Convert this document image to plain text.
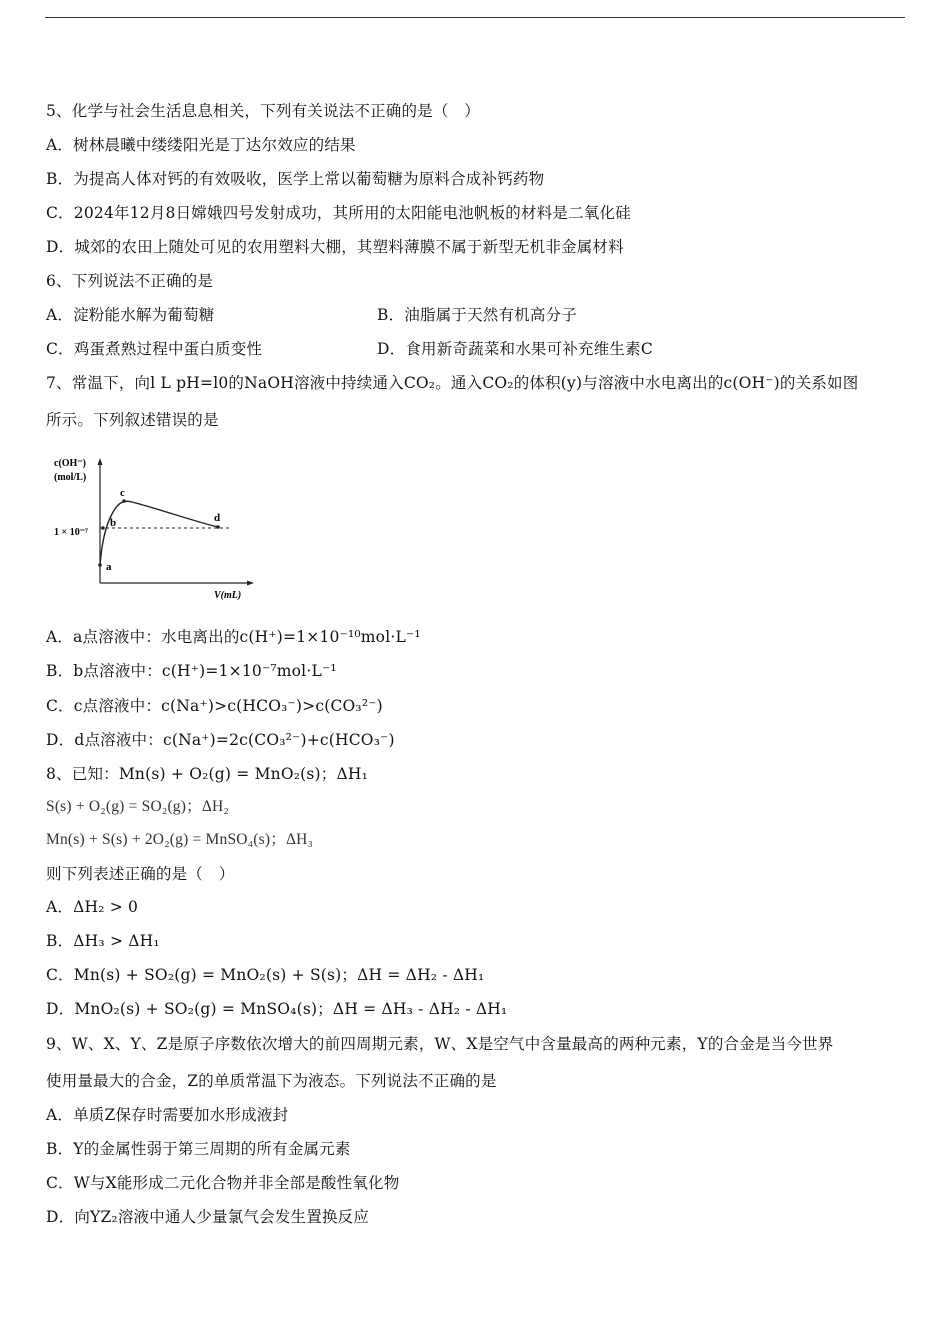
5、化学与社会生活息息相关，下列有关说法不正确的是（　）
A．树林晨曦中缕缕阳光是丁达尔效应的结果
B．为提高人体对钙的有效吸收，医学上常以葡萄糖为原料合成补钙药物
C．2024年12月8日嫦娥四号发射成功，其所用的太阳能电池帆板的材料是二氧化硅
D．城郊的农田上随处可见的农用塑料大棚，其塑料薄膜不属于新型无机非金属材料
6、下列说法不正确的是
A．淀粉能水解为葡萄糖	B．油脂属于天然有机高分子
C．鸡蛋煮熟过程中蛋白质变性	D．食用新奇蔬菜和水果可补充维生素C
7、常温下，向l L pH=l0的NaOH溶液中持续通入CO₂。通入CO₂的体积(y)与溶液中水电离出的c(OH⁻)的关系如图
所示。下列叙述错误的是
c(OH⁻)
(mol/L)
1 × 10⁻⁷
V(mL)
a
b
c
d
A．a点溶液中：水电离出的c(H⁺)=1×10⁻¹⁰mol·L⁻¹
B．b点溶液中：c(H⁺)=1×10⁻⁷mol·L⁻¹
C．c点溶液中：c(Na⁺)>c(HCO₃⁻)>c(CO₃²⁻)
D．d点溶液中：c(Na⁺)=2c(CO₃²⁻)+c(HCO₃⁻)
8、已知：Mn(s) + O₂(g) = MnO₂(s)；ΔH₁
S(s) + O₂(g) = SO₂(g)；ΔH₂
Mn(s) + S(s) + 2O₂(g) = MnSO₄(s)；ΔH₃
则下列表述正确的是（　）
A．ΔH₂ > 0
B．ΔH₃ > ΔH₁
C．Mn(s) + SO₂(g) = MnO₂(s) + S(s)；ΔH = ΔH₂ - ΔH₁
D．MnO₂(s) + SO₂(g) = MnSO₄(s)；ΔH = ΔH₃ - ΔH₂ - ΔH₁
9、W、X、Y、Z是原子序数依次增大的前四周期元素，W、X是空气中含量最高的两种元素，Y的合金是当今世界
使用量最大的合金，Z的单质常温下为液态。下列说法不正确的是
A．单质Z保存时需要加水形成液封
B．Y的金属性弱于第三周期的所有金属元素
C．W与X能形成二元化合物并非全部是酸性氧化物
D．向YZ₂溶液中通人少量氯气会发生置换反应
